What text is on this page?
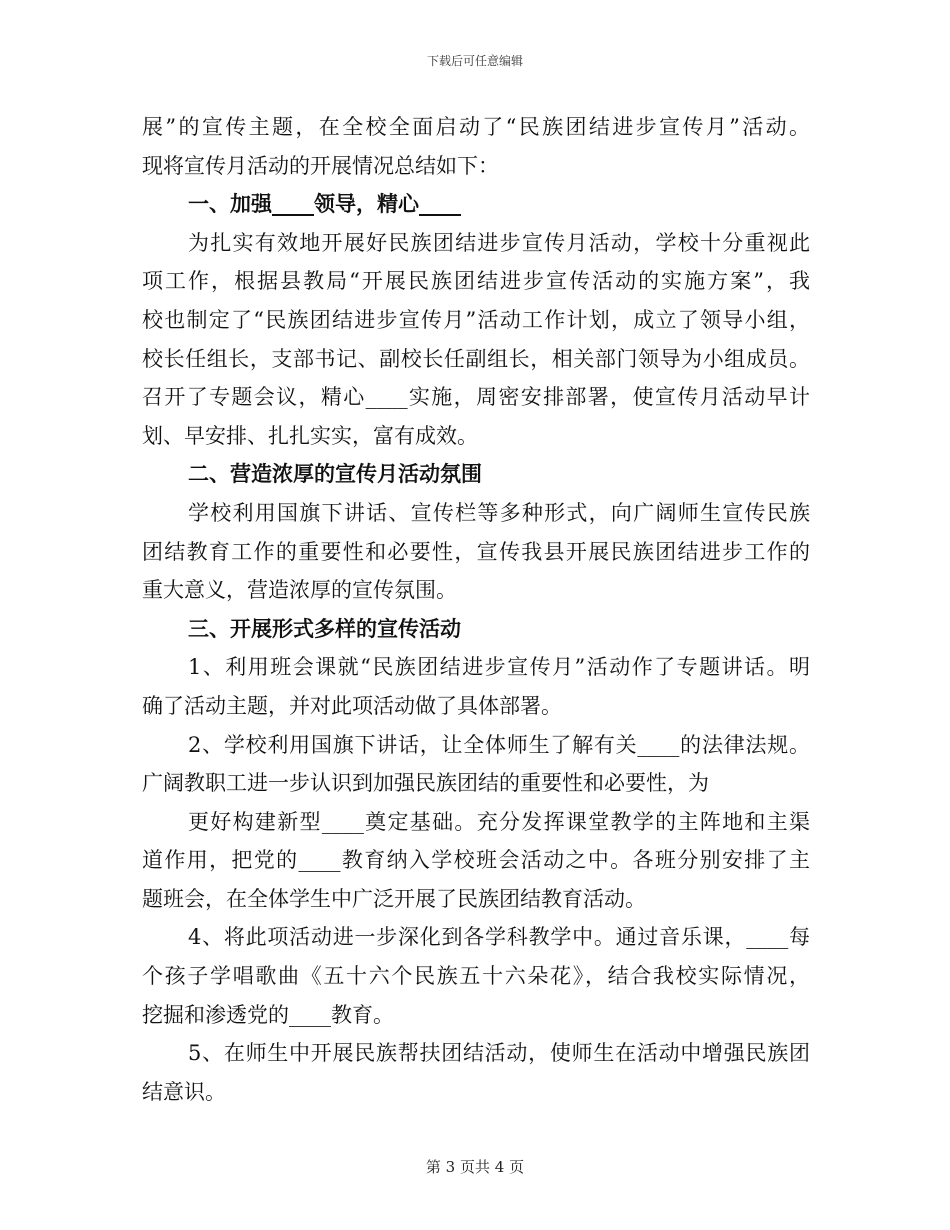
下载后可任意编辑
展”的宣传主题，在全校全面启动了“民族团结进步宣传月”活动。
现将宣传月活动的开展情况总结如下：
一、加强____领导，精心____
为扎实有效地开展好民族团结进步宣传月活动，学校十分重视此
项工作，根据县教局“开展民族团结进步宣传活动的实施方案”，我
校也制定了“民族团结进步宣传月”活动工作计划，成立了领导小组，
校长任组长，支部书记、副校长任副组长，相关部门领导为小组成员。
召开了专题会议，精心____实施，周密安排部署，使宣传月活动早计
划、早安排、扎扎实实，富有成效。
二、营造浓厚的宣传月活动氛围
学校利用国旗下讲话、宣传栏等多种形式，向广阔师生宣传民族
团结教育工作的重要性和必要性，宣传我县开展民族团结进步工作的
重大意义，营造浓厚的宣传氛围。
三、开展形式多样的宣传活动
1、利用班会课就“民族团结进步宣传月”活动作了专题讲话。明
确了活动主题，并对此项活动做了具体部署。
2、学校利用国旗下讲话，让全体师生了解有关____的法律法规。
广阔教职工进一步认识到加强民族团结的重要性和必要性，为
更好构建新型____奠定基础。充分发挥课堂教学的主阵地和主渠
道作用，把党的____教育纳入学校班会活动之中。各班分别安排了主
题班会，在全体学生中广泛开展了民族团结教育活动。
4、将此项活动进一步深化到各学科教学中。通过音乐课，____每
个孩子学唱歌曲《五十六个民族五十六朵花》，结合我校实际情况，
挖掘和渗透党的____教育。
5、在师生中开展民族帮扶团结活动，使师生在活动中增强民族团
结意识。
第 3 页共 4 页
